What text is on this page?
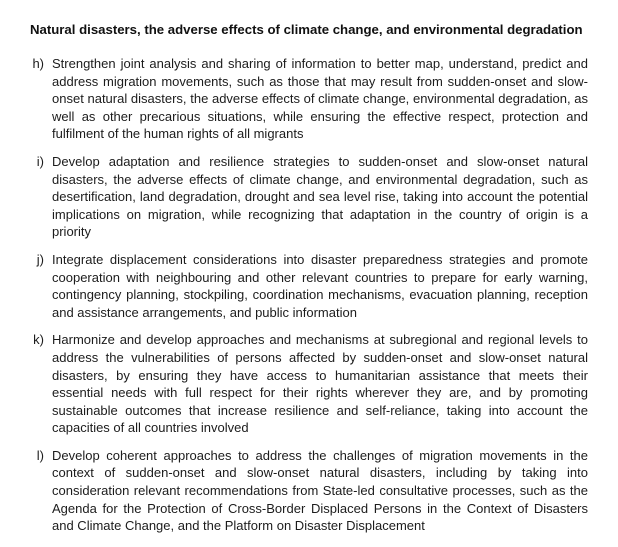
Natural disasters, the adverse effects of climate change, and environmental degradation
h) Strengthen joint analysis and sharing of information to better map, understand, predict and address migration movements, such as those that may result from sudden-onset and slow-onset natural disasters, the adverse effects of climate change, environmental degradation, as well as other precarious situations, while ensuring the effective respect, protection and fulfilment of the human rights of all migrants

i) Develop adaptation and resilience strategies to sudden-onset and slow-onset natural disasters, the adverse effects of climate change, and environmental degradation, such as desertification, land degradation, drought and sea level rise, taking into account the potential implications on migration, while recognizing that adaptation in the country of origin is a priority

j) Integrate displacement considerations into disaster preparedness strategies and promote cooperation with neighbouring and other relevant countries to prepare for early warning, contingency planning, stockpiling, coordination mechanisms, evacuation planning, reception and assistance arrangements, and public information

k) Harmonize and develop approaches and mechanisms at subregional and regional levels to address the vulnerabilities of persons affected by sudden-onset and slow-onset natural disasters, by ensuring they have access to humanitarian assistance that meets their essential needs with full respect for their rights wherever they are, and by promoting sustainable outcomes that increase resilience and self-reliance, taking into account the capacities of all countries involved

l) Develop coherent approaches to address the challenges of migration movements in the context of sudden-onset and slow-onset natural disasters, including by taking into consideration relevant recommendations from State-led consultative processes, such as the Agenda for the Protection of Cross-Border Displaced Persons in the Context of Disasters and Climate Change, and the Platform on Disaster Displacement
